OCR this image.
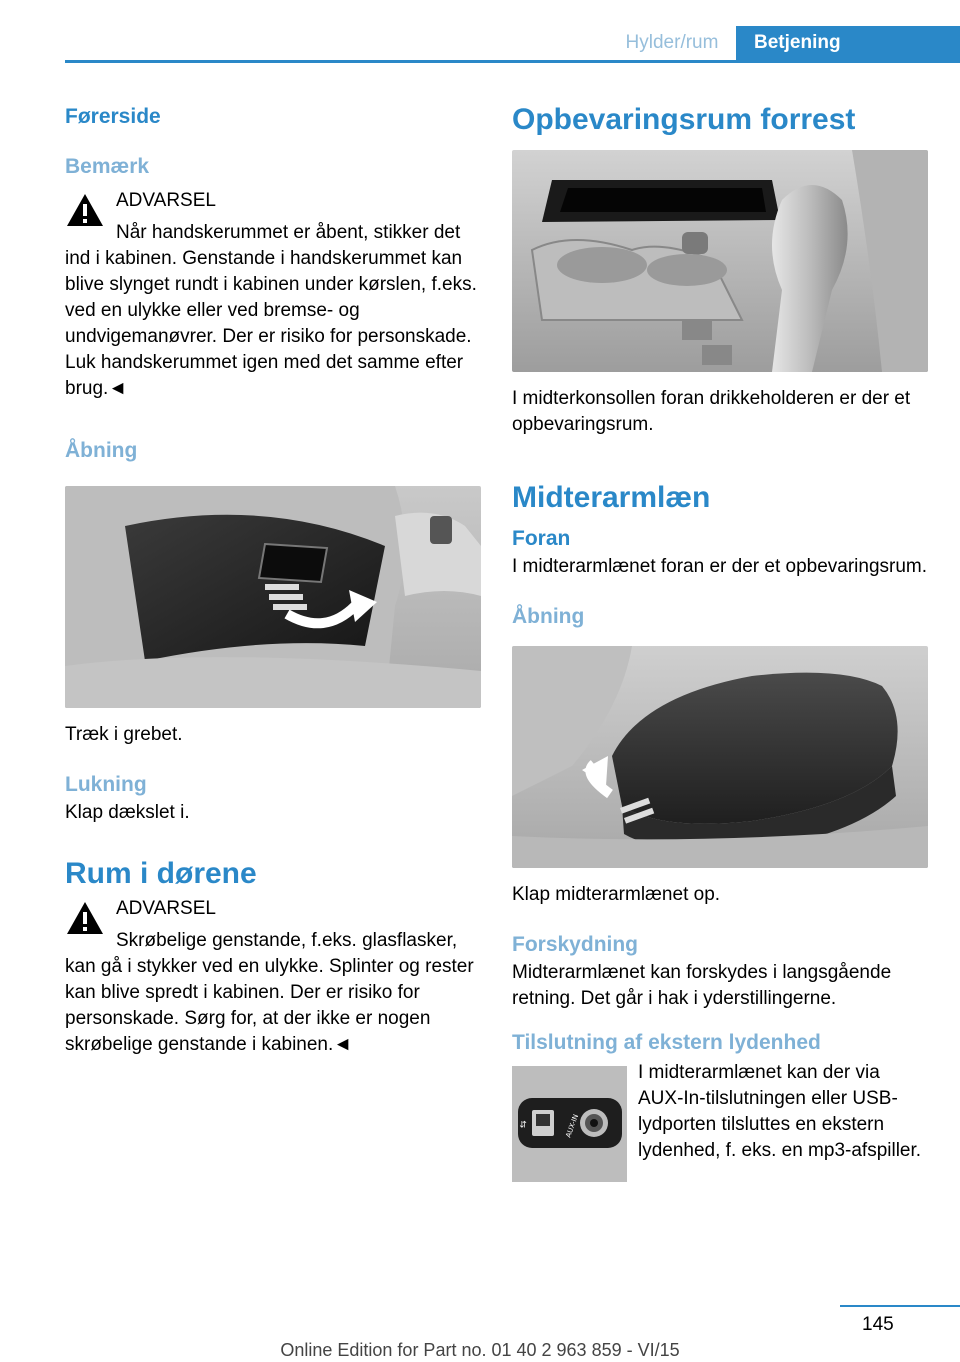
Hylder/rum	Betjening
Førerside
Bemærk
ADVARSEL
Når handskerummet er åbent, stikker det ind i kabinen. Genstande i handskerummet kan blive slynget rundt i kabinen under kørslen, f.eks. ved en ulykke eller ved bremse- og undvigemanøvrer. Der er risiko for personskade. Luk handskerummet igen med det samme efter brug.◄
Åbning
Træk i grebet.
Lukning
Klap dækslet i.
Rum i dørene
ADVARSEL
Skrøbelige genstande, f.eks. glasflasker, kan gå i stykker ved en ulykke. Splinter og rester kan blive spredt i kabinen. Der er risiko for personskade. Sørg for, at der ikke er nogen skrøbelige genstande i kabinen.◄
Opbevaringsrum forrest
I midterkonsollen foran drikkeholderen er der et opbevaringsrum.
Midterarmlæn
Foran
I midterarmlænet foran er der et opbevaringsrum.
Åbning
Klap midterarmlænet op.
Forskydning
Midterarmlænet kan forskydes i langsgående retning. Det går i hak i yderstillingerne.
Tilslutning af ekstern lydenhed
⇆	AUX-IN
I midterarmlænet kan der via AUX-In-tilslutningen eller USB-lydporten tilsluttes en ekstern lydenhed, f. eks. en mp3-afspiller.
145
Online Edition for Part no. 01 40 2 963 859 - VI/15
